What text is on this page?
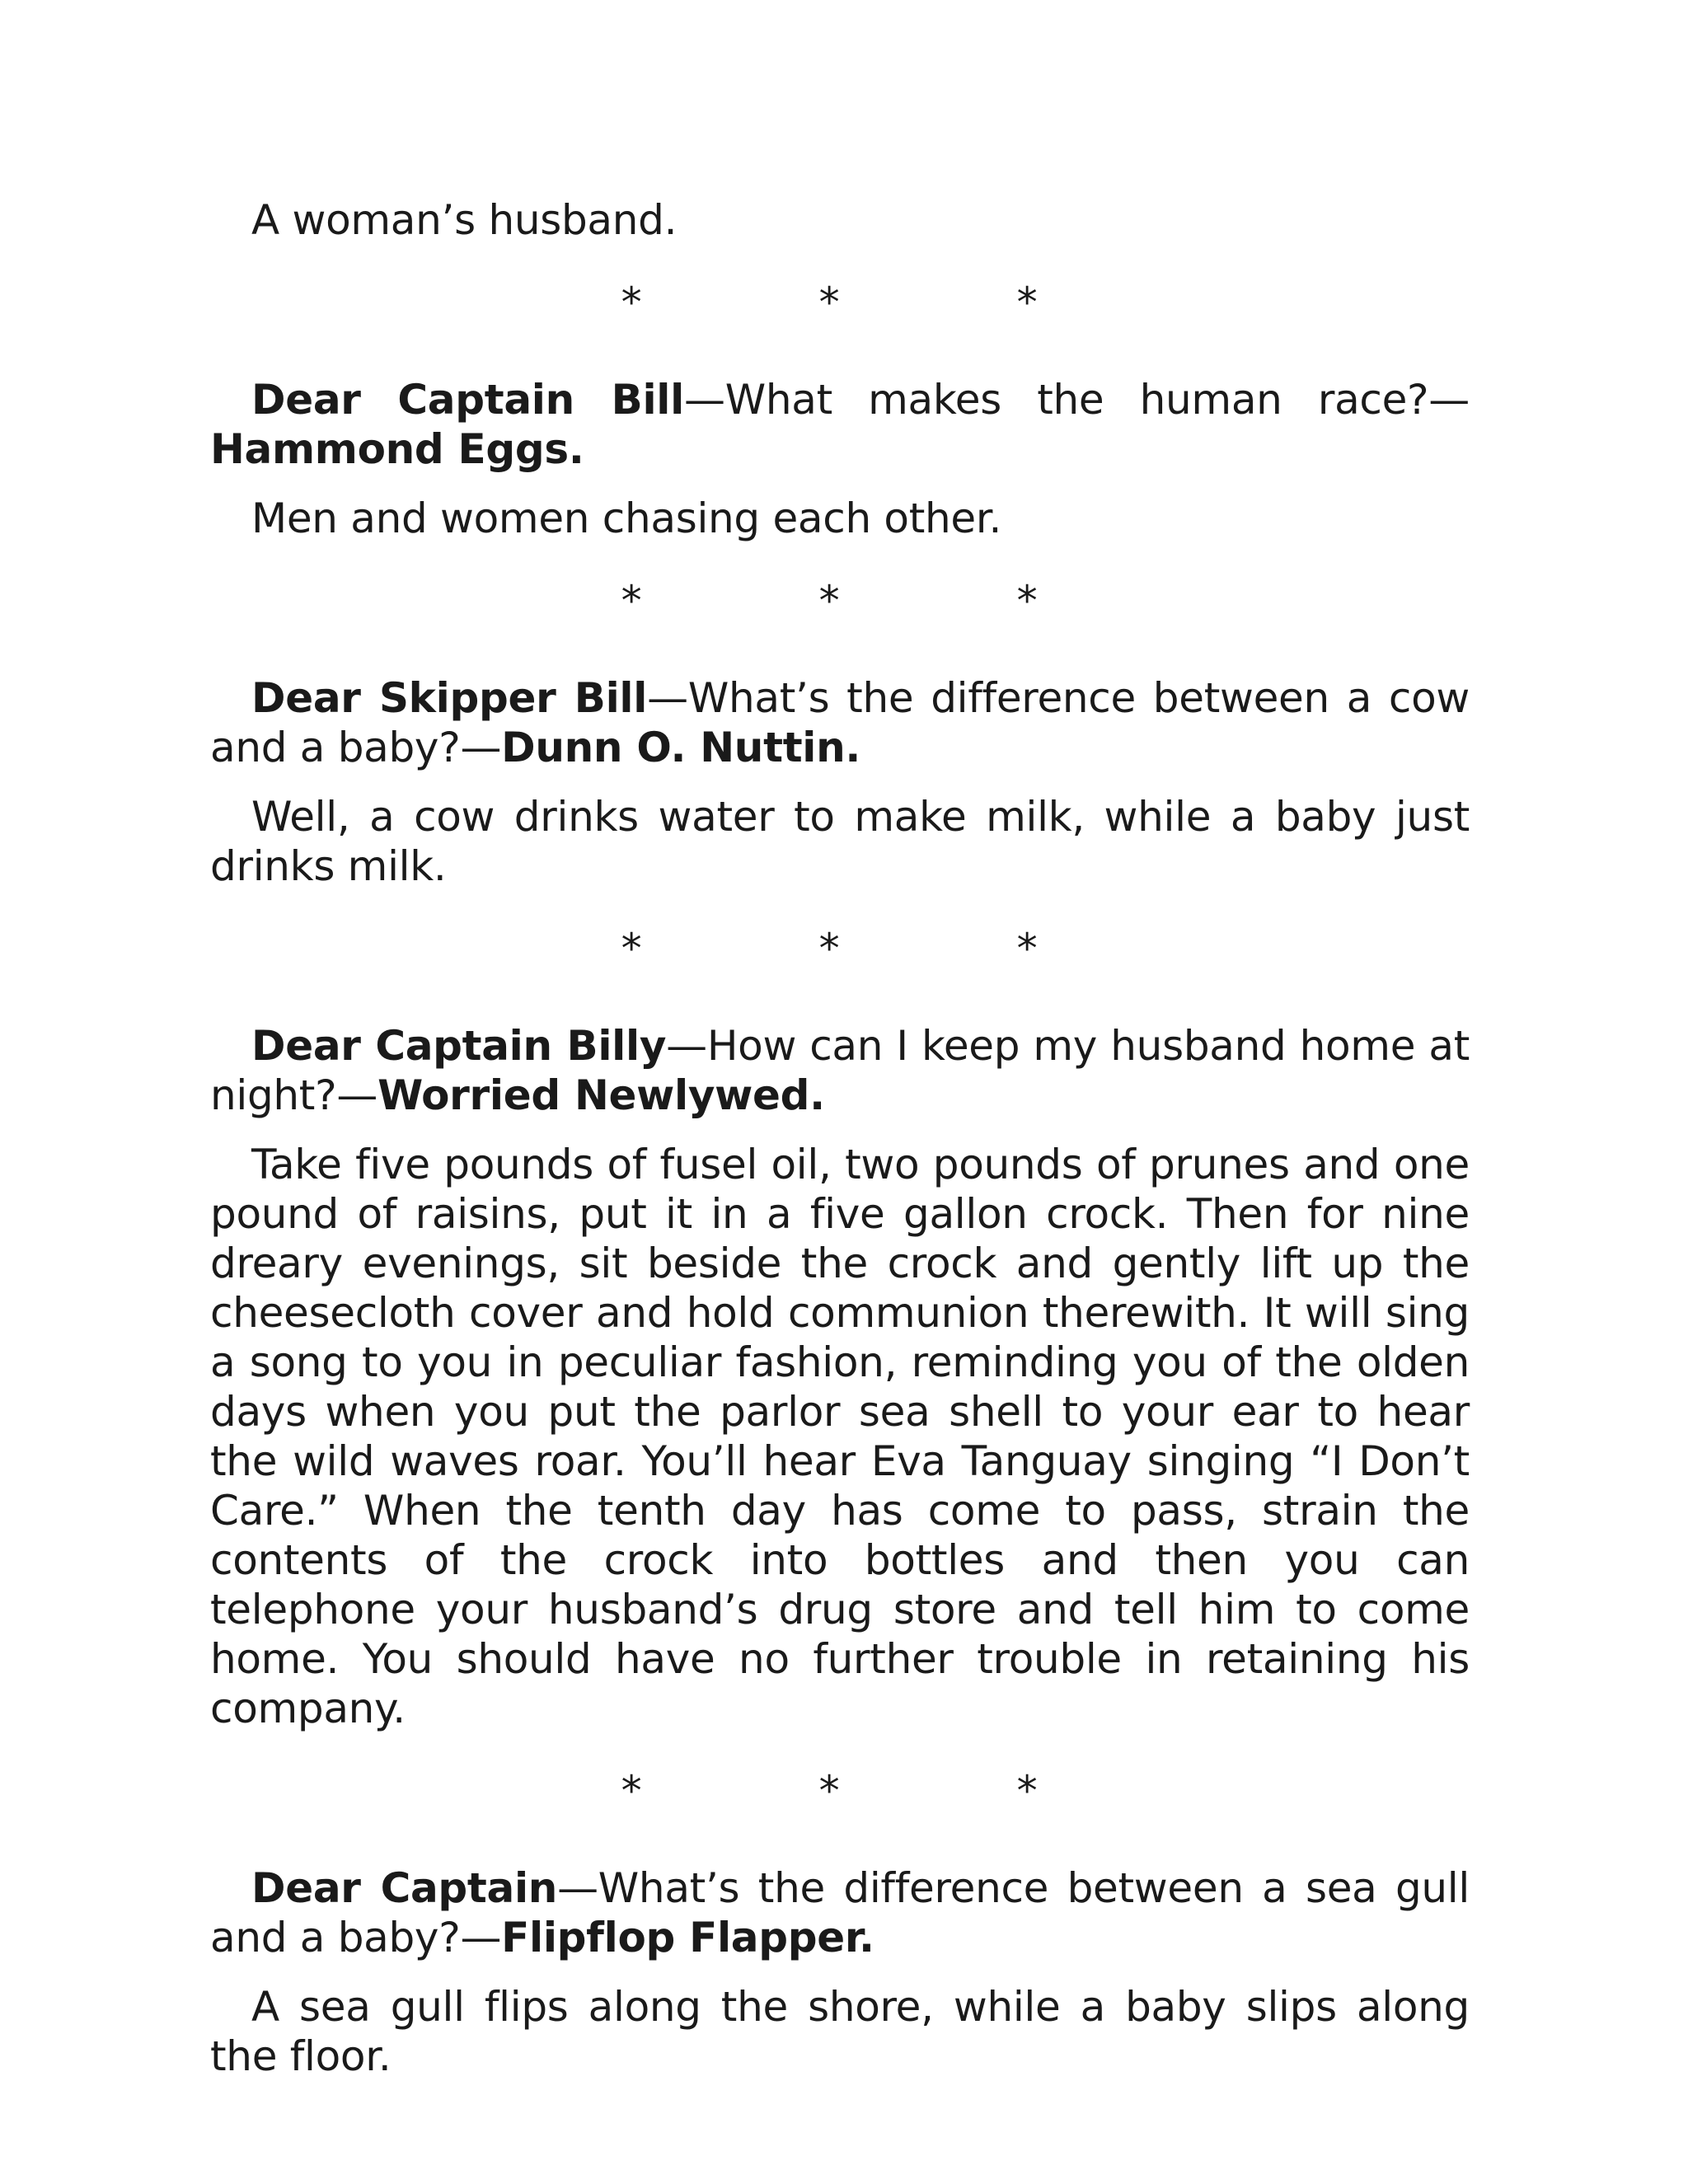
A woman’s husband.

*	*	*

Dear Captain Bill—What makes the human race?—Hammond Eggs.

Men and women chasing each other.

*	*	*

Dear Skipper Bill—What’s the difference between a cow and a baby?—Dunn O. Nuttin.

Well, a cow drinks water to make milk, while a baby just drinks milk.

*	*	*

Dear Captain Billy—How can I keep my husband home at night?—Worried Newlywed.

Take five pounds of fusel oil, two pounds of prunes and one pound of raisins, put it in a five gallon crock. Then for nine dreary evenings, sit beside the crock and gently lift up the cheesecloth cover and hold communion therewith. It will sing a song to you in peculiar fashion, reminding you of the olden days when you put the parlor sea shell to your ear to hear the wild waves roar. You’ll hear Eva Tanguay singing “I Don’t Care.” When the tenth day has come to pass, strain the contents of the crock into bottles and then you can telephone your husband’s drug store and tell him to come home. You should have no further trouble in retaining his company.

*	*	*

Dear Captain—What’s the difference between a sea gull and a baby?—Flipflop Flapper.

A sea gull flips along the shore, while a baby slips along the floor.
